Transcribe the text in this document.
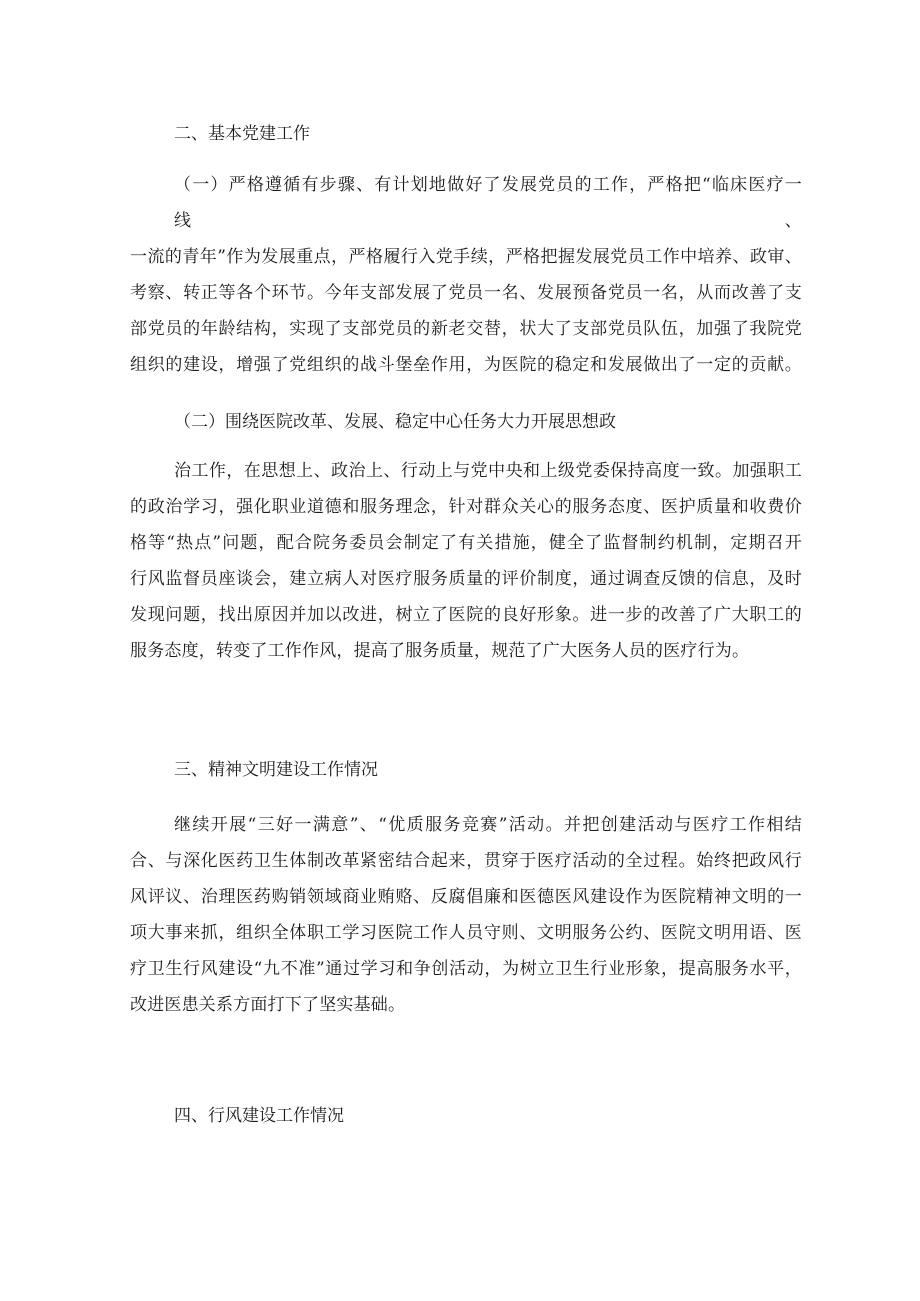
二、基本党建工作
（一）严格遵循有步骤、有计划地做好了发展党员的工作，严格把“临床医疗一线、
一流的青年”作为发展重点，严格履行入党手续，严格把握发展党员工作中培养、政审、
考察、转正等各个环节。今年支部发展了党员一名、发展预备党员一名，从而改善了支
部党员的年龄结构，实现了支部党员的新老交替，状大了支部党员队伍，加强了我院党
组织的建设，增强了党组织的战斗堡垒作用，为医院的稳定和发展做出了一定的贡献。
（二）围绕医院改革、发展、稳定中心任务大力开展思想政
治工作，在思想上、政治上、行动上与党中央和上级党委保持高度一致。加强职工
的政治学习，强化职业道德和服务理念，针对群众关心的服务态度、医护质量和收费价
格等“热点”问题，配合院务委员会制定了有关措施，健全了监督制约机制，定期召开
行风监督员座谈会，建立病人对医疗服务质量的评价制度，通过调查反馈的信息，及时
发现问题，找出原因并加以改进，树立了医院的良好形象。进一步的改善了广大职工的
服务态度，转变了工作作风，提高了服务质量，规范了广大医务人员的医疗行为。
三、精神文明建设工作情况
继续开展“三好一满意”、“优质服务竞赛”活动。并把创建活动与医疗工作相结
合、与深化医药卫生体制改革紧密结合起来，贯穿于医疗活动的全过程。始终把政风行
风评议、治理医药购销领域商业贿赂、反腐倡廉和医德医风建设作为医院精神文明的一
项大事来抓，组织全体职工学习医院工作人员守则、文明服务公约、医院文明用语、医
疗卫生行风建设“九不准”通过学习和争创活动，为树立卫生行业形象，提高服务水平，
改进医患关系方面打下了坚实基础。
四、行风建设工作情况
